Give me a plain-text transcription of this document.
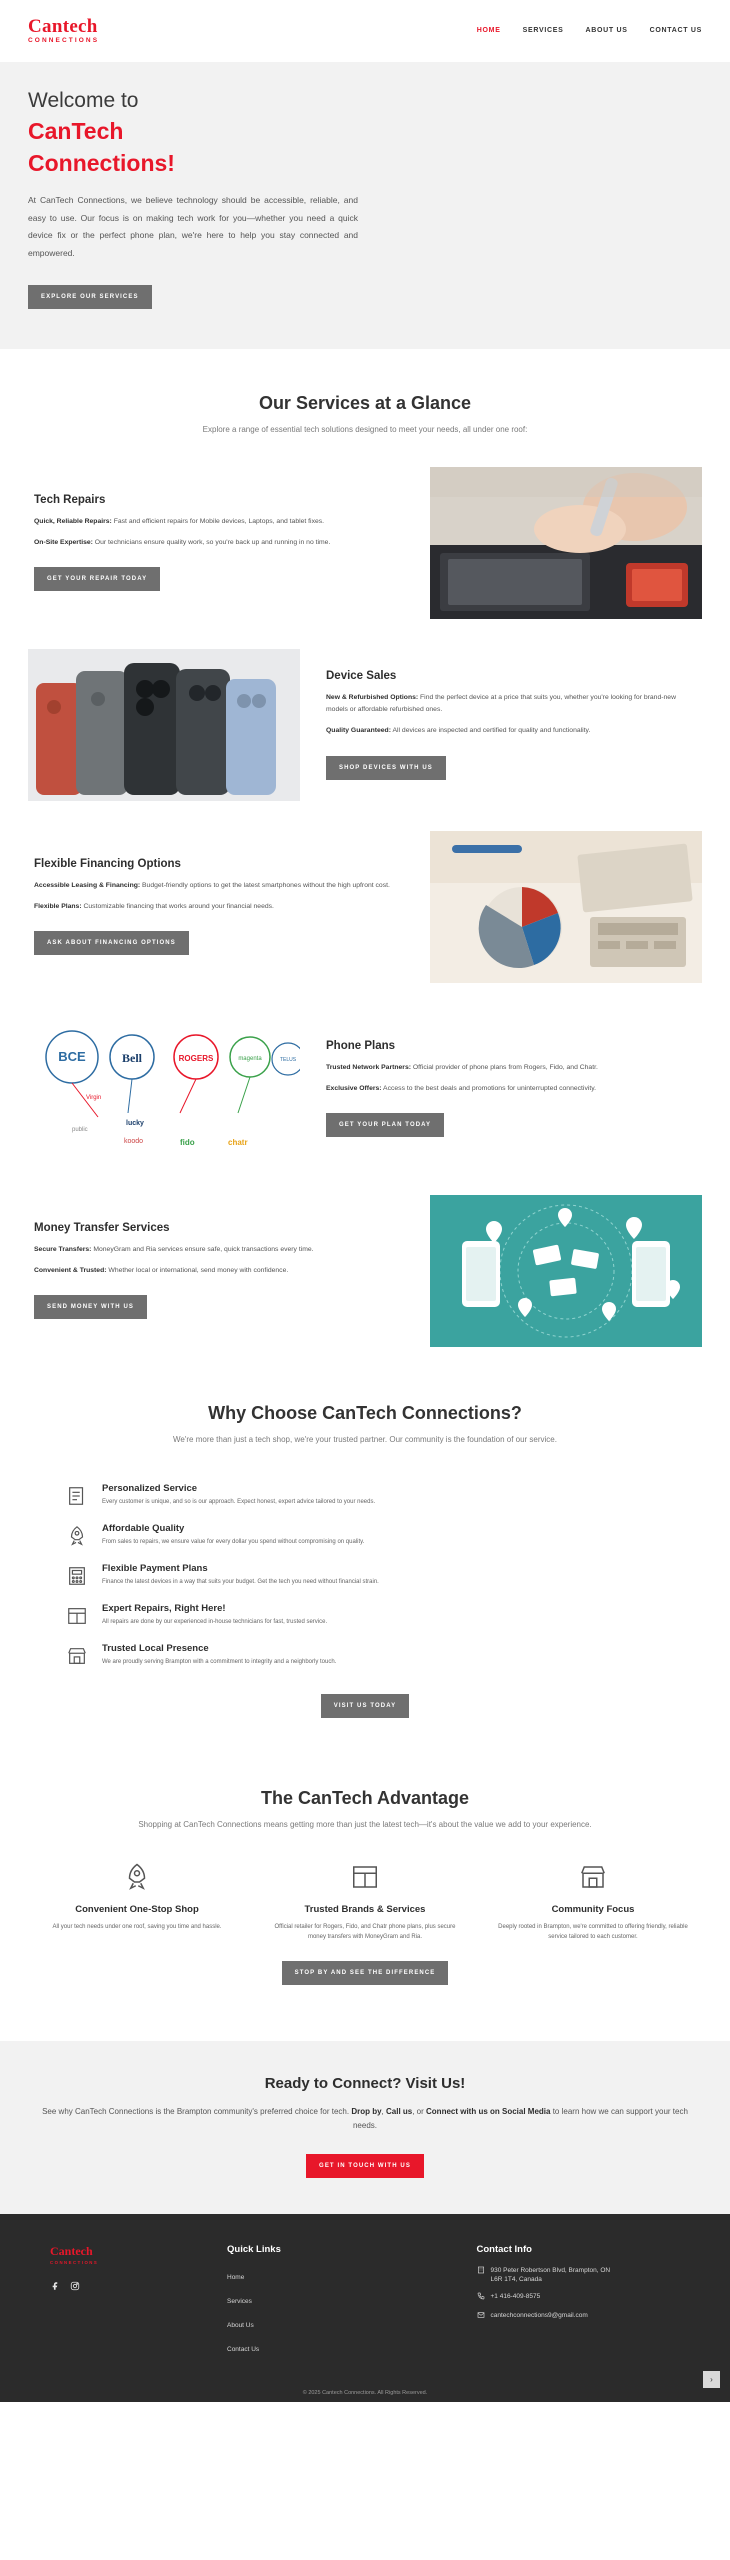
Cantech
CONNECTIONS
HOME	SERVICES	ABOUT US	CONTACT US
Welcome to
CanTech
Connections!

At CanTech Connections, we believe technology should be accessible, reliable, and easy to use. Our focus is on making tech work for you—whether you need a quick device fix or the perfect phone plan, we're here to help you stay connected and empowered.

EXPLORE OUR SERVICES
Our Services at a Glance

Explore a range of essential tech solutions designed to meet your needs, all under one roof:

Tech Repairs

Quick, Reliable Repairs: Fast and efficient repairs for Mobile devices, Laptops, and tablet fixes.

On-Site Expertise: Our technicians ensure quality work, so you're back up and running in no time.

GET YOUR REPAIR TODAY
Device Sales

New & Refurbished Options: Find the perfect device at a price that suits you, whether you're looking for brand-new models or affordable refurbished ones.

Quality Guaranteed: All devices are inspected and certified for quality and functionality.

SHOP DEVICES WITH US
Flexible Financing Options

Accessible Leasing & Financing: Budget-friendly options to get the latest smartphones without the high upfront cost.

Flexible Plans: Customizable financing that works around your financial needs.

ASK ABOUT FINANCING OPTIONS
Phone Plans

Trusted Network Partners: Official provider of phone plans from Rogers, Fido, and Chatr.

Exclusive Offers: Access to the best deals and promotions for uninterrupted connectivity.

GET YOUR PLAN TODAY
BCE	Bell	ROGERS	magenta	TELUS
Virgin
lucky
koodo	fido	chatr
public
Money Transfer Services

Secure Transfers: MoneyGram and Ria services ensure safe, quick transactions every time.

Convenient & Trusted: Whether local or international, send money with confidence.

SEND MONEY WITH US
Why Choose CanTech Connections?

We're more than just a tech shop, we're your trusted partner. Our community is the foundation of our service.

Personalized Service

Every customer is unique, and so is our approach. Expect honest, expert advice tailored to your needs.

Affordable Quality

From sales to repairs, we ensure value for every dollar you spend without compromising on quality.

Flexible Payment Plans

Finance the latest devices in a way that suits your budget. Get the tech you need without financial strain.

Expert Repairs, Right Here!

All repairs are done by our experienced in-house technicians for fast, trusted service.

Trusted Local Presence

We are proudly serving Brampton with a commitment to integrity and a neighborly touch.

VISIT US TODAY
The CanTech Advantage

Shopping at CanTech Connections means getting more than just the latest tech—it's about the value we add to your experience.

Convenient One-Stop Shop

All your tech needs under one roof, saving you time and hassle.

Trusted Brands & Services

Official retailer for Rogers, Fido, and Chatr phone plans, plus secure money transfers with MoneyGram and Ria.

Community Focus

Deeply rooted in Brampton, we're committed to offering friendly, reliable service tailored to each customer.

STOP BY AND SEE THE DIFFERENCE
Ready to Connect? Visit Us!

See why CanTech Connections is the Brampton community's preferred choice for tech. Drop by, Call us, or Connect with us on Social Media to learn how we can support your tech needs.

GET IN TOUCH WITH US
Cantech
CONNECTIONS
Quick Links
Home
Services
About Us
Contact Us
Contact Info
930 Peter Robertson Blvd, Brampton, ON
L6R 1T4, Canada
+1 416-409-8575
cantechconnections9@gmail.com
© 2025 Cantech Connections. All Rights Reserved.
›
